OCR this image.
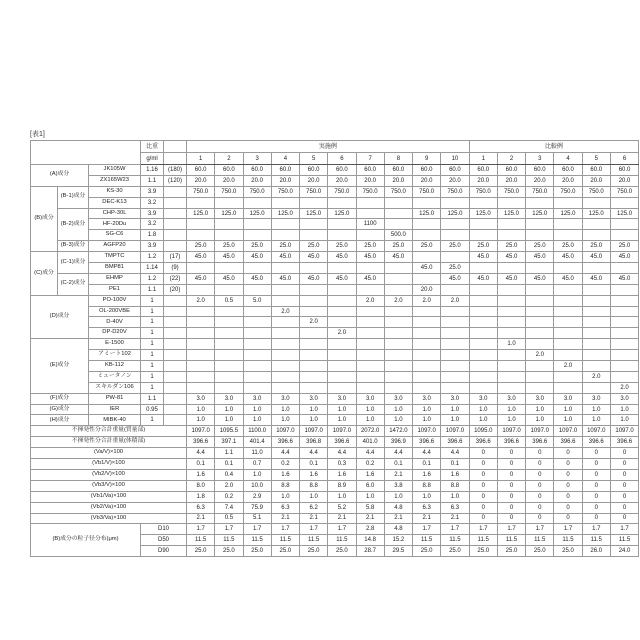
[表1]
			比重		実施例										比較例					
			g/ml		1	2	3	4	5	6	7	8	9	10	1	2	3	4	5	6
(A)成分		JK105W	1.16	(180)	60.0	60.0	60.0	60.0	60.0	60.0	60.0	60.0	60.0	60.0	60.0	60.0	60.0	60.0	60.0	60.0
		ZX165W23	1.1	(120)	20.0	20.0	20.0	20.0	20.0	20.0	20.0	20.0	20.0	20.0	20.0	20.0	20.0	20.0	20.0	20.0
(B)成分	(B-1)成分	KS-30	3.9		750.0	750.0	750.0	750.0	750.0	750.0	750.0	750.0	750.0	750.0	750.0	750.0	750.0	750.0	750.0	750.0
		DEC-K13	3.2																	
	(B-2)成分	CHP-30L	3.9		125.0	125.0	125.0	125.0	125.0	125.0			125.0	125.0	125.0	125.0	125.0	125.0	125.0	125.0
		HF-20Du	3.2								1100									
		SG-C6	1.8									500.0								
	(B-3)成分	AGFP20	3.9		25.0	25.0	25.0	25.0	25.0	25.0	25.0	25.0	25.0	25.0	25.0	25.0	25.0	25.0	25.0	25.0
(C)成分	(C-1)成分	TMPTC	1.2	(17)	45.0	45.0	45.0	45.0	45.0	45.0	45.0	45.0			45.0	45.0	45.0	45.0	45.0	45.0
		BMP81	1.14	(9)									45.0	25.0						
	(C-2)成分	EHMP	1.2	(22)	45.0	45.0	45.0	45.0	45.0	45.0	45.0			45.0	45.0	45.0	45.0	45.0	45.0	45.0
		PE1	1.1	(20)									20.0							
(D)成分		PO-100V	1		2.0	0.5	5.0				2.0	2.0	2.0	2.0						
		OL-200VBE	1					2.0												
		D-40V	1						2.0											
		DP-D20V	1							2.0										
(E)成分		E-1500	1													1.0				
		アミート102	1														2.0			
		KB-112	1															2.0		
		ミュータノン	1																2.0	
		スキルダン106	1																	2.0
(F)成分		PW-81	1.1		3.0	3.0	3.0	3.0	3.0	3.0	3.0	3.0	3.0	3.0	3.0	3.0	3.0	3.0	3.0	3.0
(G)成分		IER	0.95		1.0	1.0	1.0	1.0	1.0	1.0	1.0	1.0	1.0	1.0	1.0	1.0	1.0	1.0	1.0	1.0
(H)成分		MIBK-40	1		1.0	1.0	1.0	1.0	1.0	1.0	1.0	1.0	1.0	1.0	1.0	1.0	1.0	1.0	1.0	1.0
不揮発性分合計重量(質量部)					1097.0	1095.5	1100.0	1097.0	1097.0	1097.0	2072.0	1472.0	1097.0	1097.0	1095.0	1097.0	1097.0	1097.0	1097.0	1097.0
不揮発性分合計重量(体積部)					396.6	397.1	401.4	396.6	396.8	396.6	401.0	396.9	396.6	396.6	396.6	396.6	396.6	396.6	396.6	396.6
(Va/V)×100					4.4	1.1	11.0	4.4	4.4	4.4	4.4	4.4	4.4	4.4	0	0	0	0	0	0
(Vb1/V)×100					0.1	0.1	0.7	0.2	0.1	0.3	0.2	0.1	0.1	0.1	0	0	0	0	0	0
(Vb2/V)×100					1.6	0.4	1.0	1.6	1.6	1.6	1.6	2.1	1.6	1.6	0	0	0	0	0	0
(Vb3/V)×100					8.0	2.0	10.0	8.8	8.8	8.9	6.0	3.8	8.8	8.8	0	0	0	0	0	0
(Vb1/Va)×100					1.8	0.2	2.9	1.0	1.0	1.0	1.0	1.0	1.0	1.0	0	0	0	0	0	0
(Vb2/Va)×100					6.3	7.4	75.9	6.3	6.2	5.2	5.8	4.8	6.3	6.3	0	0	0	0	0	0
(Vb3/Va)×100					2.1	0.5	5.1	2.1	2.1	2.1	2.1	2.1	2.1	2.1	0	0	0	0	0	0
(B)成分の粒子径分布(μm)			D10		1.7	1.7	1.7	1.7	1.7	1.7	2.8	4.8	1.7	1.7	1.7	1.7	1.7	1.7	1.7	1.7
			D50		11.5	11.5	11.5	11.5	11.5	11.5	14.8	15.2	11.5	11.5	11.5	11.5	11.5	11.5	11.5	11.5
			D90		25.0	25.0	25.0	25.0	25.0	25.0	28.7	29.5	25.0	25.0	25.0	25.0	25.0	25.0	26.0	24.0
